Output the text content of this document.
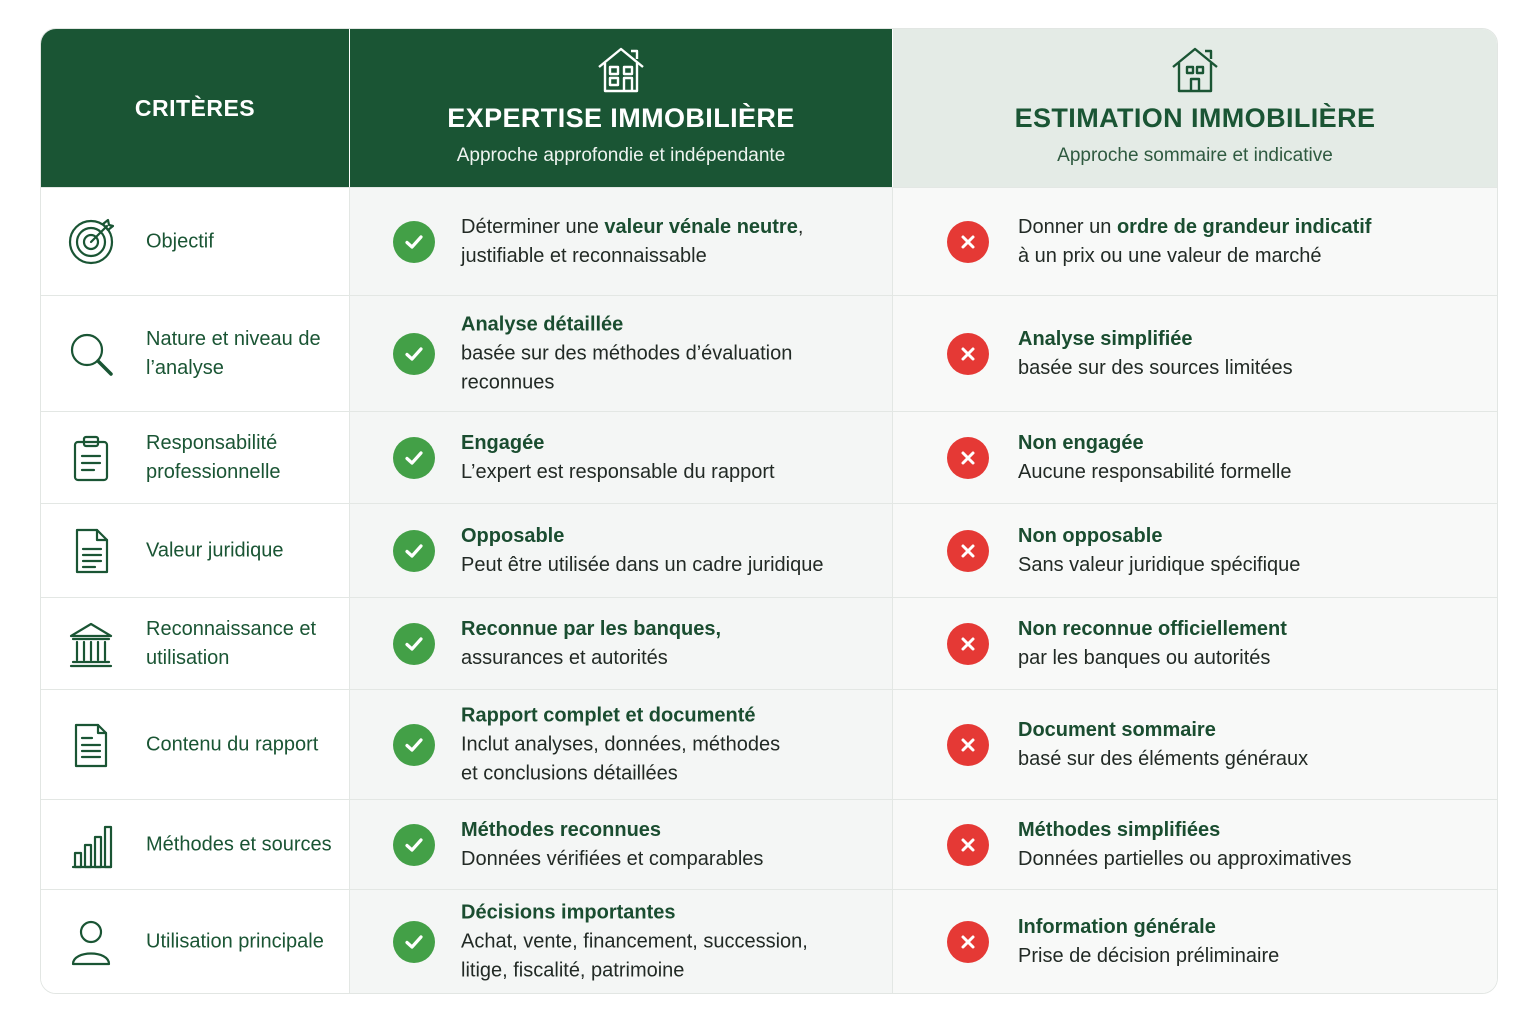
CRITÈRES	EXPERTISE IMMOBILIÈRE
Approche approfondie et indépendante
ESTIMATION IMMOBILIÈRE
Approche sommaire et indicative
Objectif
Déterminer une valeur vénale neutre,
justifiable et reconnaissable
Donner un ordre de grandeur indicatif
à un prix ou une valeur de marché
Nature et niveau de l’analyse
Analyse détaillée
basée sur des méthodes d’évaluation
reconnues
Analyse simplifiée
basée sur des sources limitées
Responsabilité professionnelle
Engagée
L’expert est responsable du rapport
Non engagée
Aucune responsabilité formelle
Valeur juridique
Opposable
Peut être utilisée dans un cadre juridique
Non opposable
Sans valeur juridique spécifique
Reconnaissance et utilisation
Reconnue par les banques,
assurances et autorités
Non reconnue officiellement
par les banques ou autorités
Contenu du rapport
Rapport complet et documenté
Inclut analyses, données, méthodes
et conclusions détaillées
Document sommaire
basé sur des éléments généraux
Méthodes et sources
Méthodes reconnues
Données vérifiées et comparables
Méthodes simplifiées
Données partielles ou approximatives
Utilisation principale
Décisions importantes
Achat, vente, financement, succession,
litige, fiscalité, patrimoine
Information générale
Prise de décision préliminaire
